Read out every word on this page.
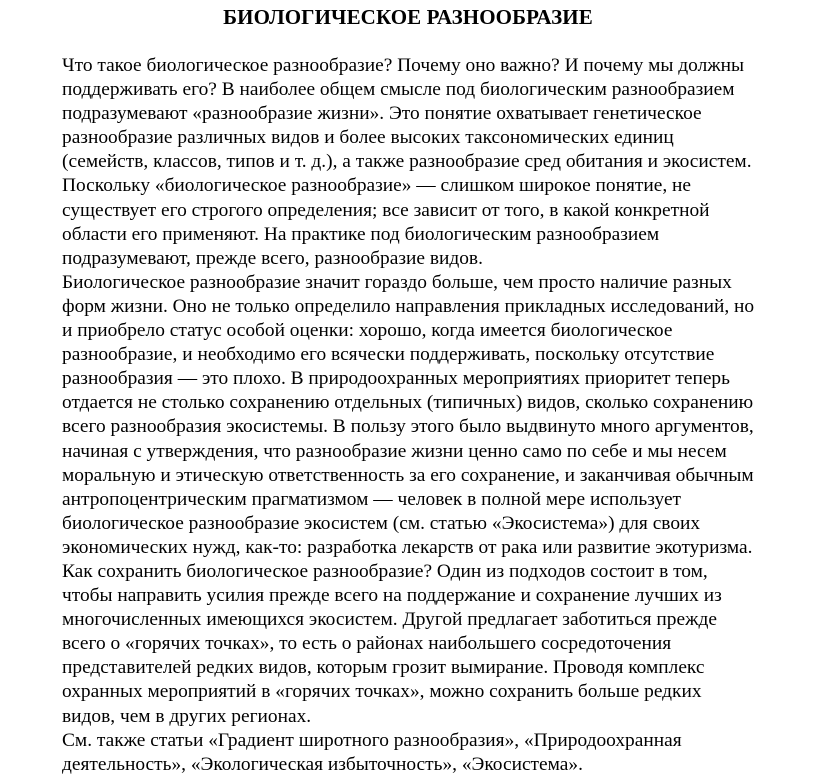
БИОЛОГИЧЕСКОЕ РАЗНООБРАЗИЕ
Что такое биологическое разнообразие? Почему оно важно? И почему мы должны
поддерживать его? В наиболее общем смысле под биологическим разнообразием
подразумевают «разнообразие жизни». Это понятие охватывает генетическое
разнообразие различных видов и более высоких таксономических единиц
(семейств, классов, типов и т. д.), а также разнообразие сред обитания и экосистем.
Поскольку «биологическое разнообразие» — слишком широкое понятие, не
существует его строгого определения; все зависит от того, в какой конкретной
области его применяют. На практике под биологическим разнообразием
подразумевают, прежде всего, разнообразие видов.
Биологическое разнообразие значит гораздо больше, чем просто наличие разных
форм жизни. Оно не только определило направления прикладных исследований, но
и приобрело статус особой оценки: хорошо, когда имеется биологическое
разнообразие, и необходимо его всячески поддерживать, поскольку отсутствие
разнообразия — это плохо. В природоохранных мероприятиях приоритет теперь
отдается не столько сохранению отдельных (типичных) видов, сколько сохранению
всего разнообразия экосистемы. В пользу этого было выдвинуто много аргументов,
начиная с утверждения, что разнообразие жизни ценно само по себе и мы несем
моральную и этическую ответственность за его сохранение, и заканчивая обычным
антропоцентрическим прагматизмом — человек в полной мере использует
биологическое разнообразие экосистем (см. статью «Экосистема») для своих
экономических нужд, как-то: разработка лекарств от рака или развитие экотуризма.
Как сохранить биологическое разнообразие? Один из подходов состоит в том,
чтобы направить усилия прежде всего на поддержание и сохранение лучших из
многочисленных имеющихся экосистем. Другой предлагает заботиться прежде
всего о «горячих точках», то есть о районах наибольшего сосредоточения
представителей редких видов, которым грозит вымирание. Проводя комплекс
охранных мероприятий в «горячих точках», можно сохранить больше редких
видов, чем в других регионах.
См. также статьи «Градиент широтного разнообразия», «Природоохранная
деятельность», «Экологическая избыточность», «Экосистема».
